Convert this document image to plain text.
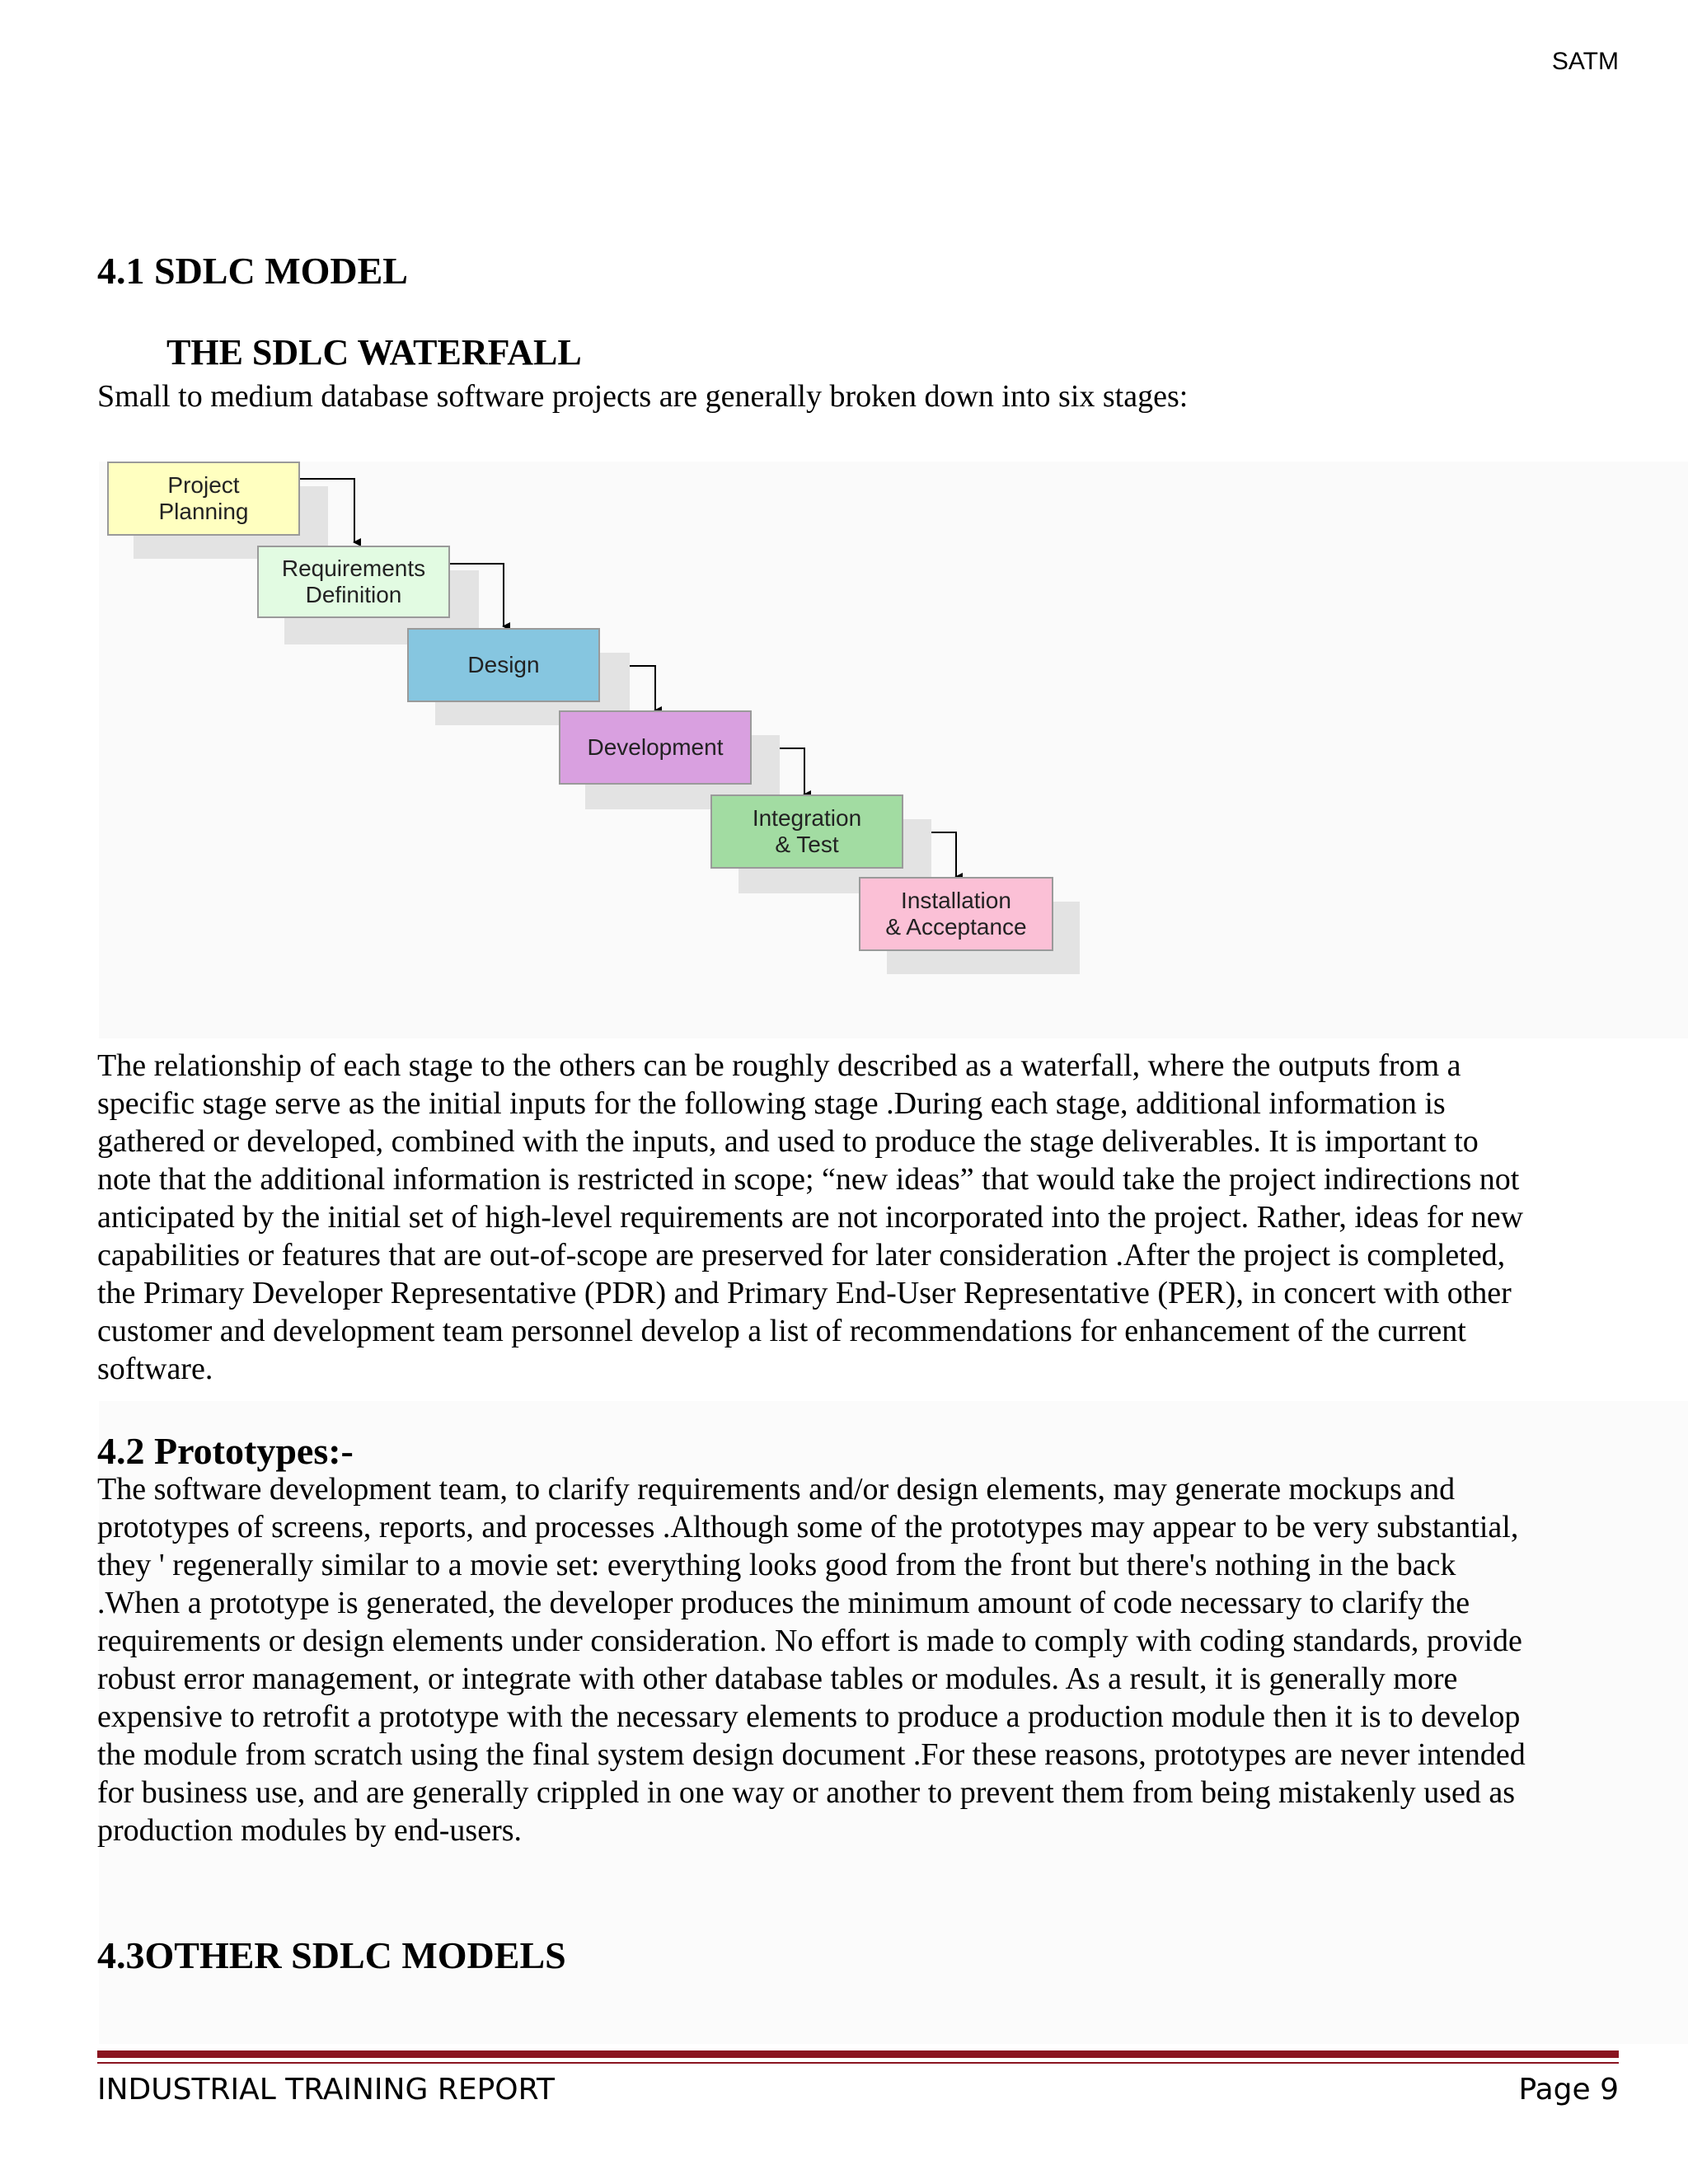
SATM
4.1 SDLC MODEL
THE SDLC WATERFALL
Small to medium database software projects are generally broken down into six stages:
Project
Planning
Requirements
Definition
Design
Development
Integration
& Test
Installation
& Acceptance
The relationship of each stage to the others can be roughly described as a waterfall, where the outputs from a
specific stage serve as the initial inputs for the following stage .During each stage, additional information is
gathered or developed, combined with the inputs, and used to produce the stage deliverables. It is important to
note that the additional information is restricted in scope; “new ideas” that would take the project indirections not
anticipated by the initial set of high-level requirements are not incorporated into the project. Rather, ideas for new
capabilities or features that are out-of-scope are preserved for later consideration .After the project is completed,
the Primary Developer Representative (PDR) and Primary End-User Representative (PER), in concert with other
customer and development team personnel develop a list of recommendations for enhancement of the current
software.
4.2 Prototypes:-
The software development team, to clarify requirements and/or design elements, may generate mockups and
prototypes of screens, reports, and processes .Although some of the prototypes may appear to be very substantial,
they ' regenerally similar to a movie set: everything looks good from the front but there's nothing in the back
.When a prototype is generated, the developer produces the minimum amount of code necessary to clarify the
requirements or design elements under consideration. No effort is made to comply with coding standards, provide
robust error management, or integrate with other database tables or modules. As a result, it is generally more
expensive to retrofit a prototype with the necessary elements to produce a production module then it is to develop
the module from scratch using the final system design document .For these reasons, prototypes are never intended
for business use, and are generally crippled in one way or another to prevent them from being mistakenly used as
production modules by end-users.
4.3OTHER SDLC MODELS
INDUSTRIAL TRAINING REPORT	Page 9
